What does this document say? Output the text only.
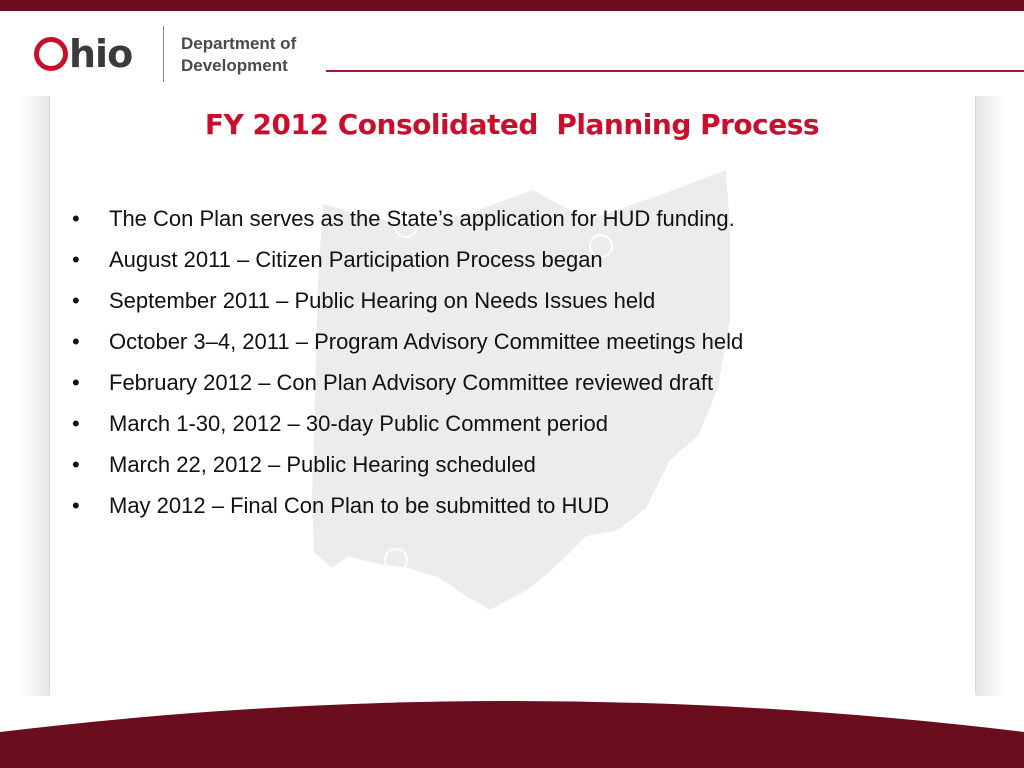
hio	Department of
Development
FY 2012 Consolidated  Planning Process
•	The Con Plan serves as the State’s application for HUD funding.
•	August 2011 – Citizen Participation Process began
•	September 2011 – Public Hearing on Needs Issues held
•	October 3–4, 2011 – Program Advisory Committee meetings held
•	February 2012 – Con Plan Advisory Committee reviewed draft
•	March 1-30, 2012 – 30-day Public Comment period
•	March 22, 2012 – Public Hearing scheduled
•	May 2012 – Final Con Plan to be submitted to HUD
